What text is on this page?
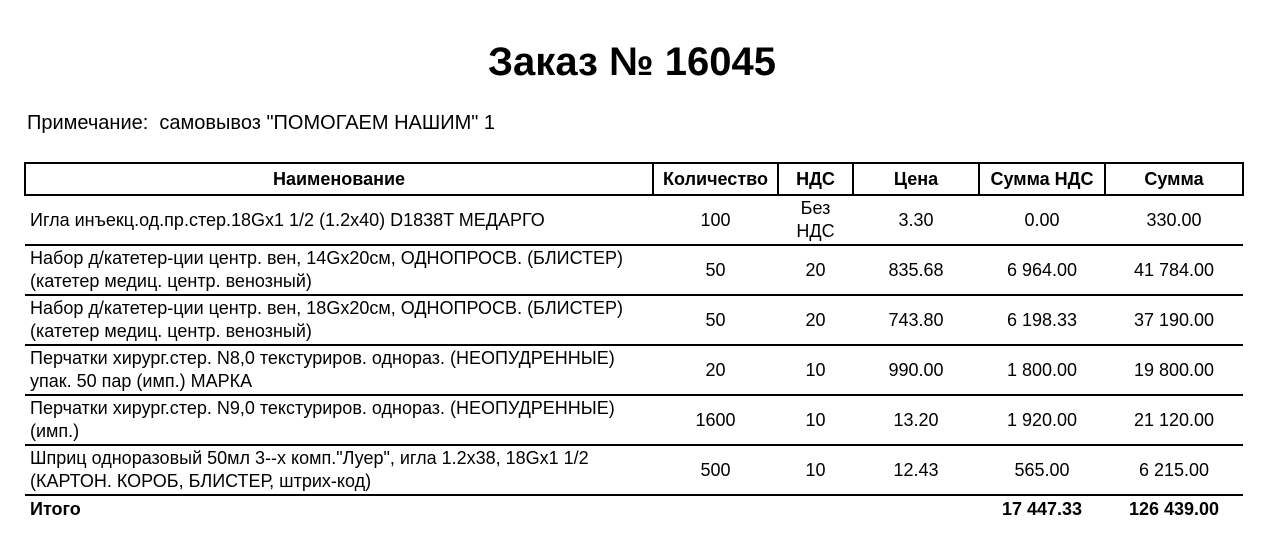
Заказ № 16045
Примечание:  самовывоз "ПОМОГАЕМ НАШИМ" 1
Наименование	Количество	НДС	Цена	Сумма НДС	Сумма
Игла инъекц.од.пр.стер.18Gx1 1/2 (1.2x40) D1838T МЕДАРГО	100	Без НДС	3.30	0.00	330.00
Набор д/катетер-ции центр. вен, 14Gx20см, ОДНОПРОСВ. (БЛИСТЕР)
(катетер медиц. центр. венозный)	50	20	835.68	6 964.00	41 784.00
Набор д/катетер-ции центр. вен, 18Gx20см, ОДНОПРОСВ. (БЛИСТЕР)
(катетер медиц. центр. венозный)	50	20	743.80	6 198.33	37 190.00
Перчатки хирург.стер. N8,0 текстуриров. однораз. (НЕОПУДРЕННЫЕ)
упак. 50 пар (имп.) МАРКА	20	10	990.00	1 800.00	19 800.00
Перчатки хирург.стер. N9,0 текстуриров. однораз. (НЕОПУДРЕННЫЕ)
(имп.)	1600	10	13.20	1 920.00	21 120.00
Шприц одноразовый 50мл 3--х комп."Луер", игла 1.2x38, 18Gx1 1/2
(КАРТОН. КОРОБ, БЛИСТЕР, штрих-код)	500	10	12.43	565.00	6 215.00
Итого				17 447.33	126 439.00
